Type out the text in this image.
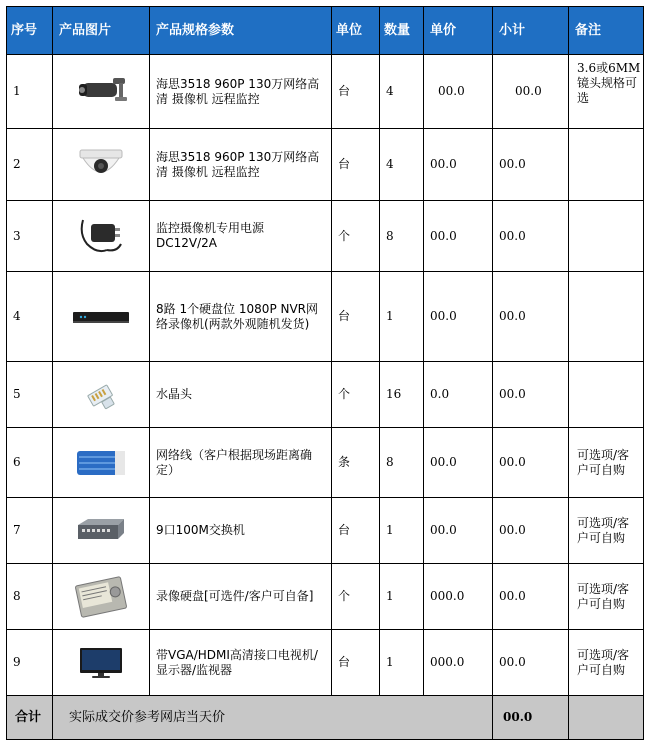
序号	产品图片	产品规格参数	单位	数量	单价	小计	备注
1		海思3518 960P 130万网络高清 摄像机 远程监控	台	4	00.0	00.0	3.6或6MM镜头规格可选
2		海思3518 960P 130万网络高清 摄像机 远程监控	台	4	00.0	00.0	
3		监控摄像机专用电源 DC12V/2A	个	8	00.0	00.0	
4		8路 1个硬盘位 1080P NVR网络录像机(两款外观随机发货)	台	1	00.0	00.0	
5		水晶头	个	16	0.0	00.0	
6		网络线（客户根据现场距离确定）	条	8	00.0	00.0	可选项/客户可自购
7		9口100M交换机	台	1	00.0	00.0	可选项/客户可自购
8		录像硬盘[可选件/客户可自备]	个	1	000.0	00.0	可选项/客户可自购
9		带VGA/HDMI高清接口电视机/显示器/监视器	台	1	000.0	00.0	可选项/客户可自购
合计	实际成交价参考网店当天价					00.0	
